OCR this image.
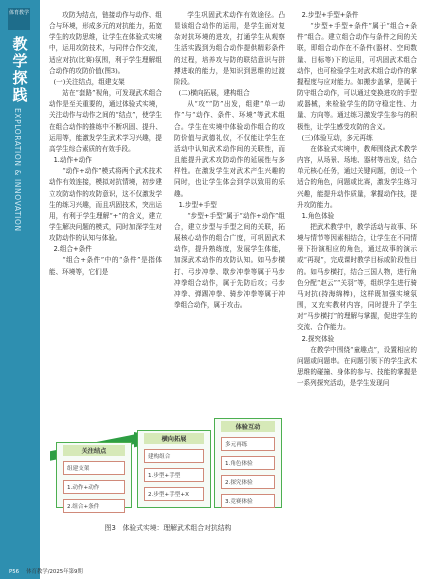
体育教学
教学探践
EXPLORATION & INNOVATION

攻防为结点，链接动作与动作、组合与环境，形成多元的对抗能力，拓宽学生的攻防思维，让学生在体验式实境中，运用攻防技术，与同伴合作交流，适应对抗(比赛)氛围，利于学生理解组合动作的攻防价值(图3)。

(一)关注结点，组建支架

站在“套路”视角，可发现武术组合动作是至关重要的，通过体验式实境，关注动作与动作之间的“结点”，使学生在组合动作的推练中不断巩固、提升、运用等，能激发学生武术学习兴趣，提高学生综合素质的有效手段。

1.动作+动作

“动作+动作”模式将两个武术技术动作有效连接，模拟对抗情境，初步建立攻防动作的攻防意识，这不仅激发学生的练习兴趣，而且巩固技术，突出运用，有利于学生理解“+”的含义，建立学生解决问题的模式，同时加深学生对攻防动作的认知与体验。

2.组合+条件

“组合+条件”中的“条件”是指体能、环境等，它们是

学生巩固武术动作有效途径。凸显该组合动作的运用，是学生面对复杂对抗环境的进攻，打通学生从观察生活实践到为组合动作提供精彩条件的过程，培养攻与防的联结意识与拼搏进取的能力，是知识到思维的过渡阶段。

(二)横向拓展，建构组合

从“攻”“防”出发，组建“单一动作”与“动作、条件、环境”等武术组合。学生在实境中体验动作组合的攻防价值与武德礼仪，不仅能让学生在活动中认知武术动作间的关联性，而且能提升武术攻防动作的延展性与多样性。在激发学生对武术产生兴趣的同时，也让学生体会到学以致用的乐趣。

1.步型+手型

“步型+手型”属于“动作+动作”组合，建立步型与手型之间的关联，拓展核心动作的组合广度，可巩固武术动作，提升熟练度，发展学生体能，加深武术动作的攻防认知。如马步横打、弓步冲拳、歇步冲拳等属于马步冲拳组合动作，属于先防后攻；弓步冲拳、弹踢冲拳、骑步冲拳等属于冲拳组合动作，属于攻击。

2.步型+手型+条件

“步型+手型+条件”属于“组合+条件”组合。建立组合动作与条件之间的关联，即组合动作在不条件(器材、空间数量、目标等)下的运用，可巩固武术组合动作，也可检验学生对武术组合动作的掌握程度与应对能力。如搬步盖掌，是属于防守组合动作，可以通过变换进攻的手型或器械，来检验学生的防守稳定性、力量、方向等。通过练习激发学生参与的积极性，让学生感受攻防的含义。

(三)体验互动，多元再练

在体验式实境中，教师围绕武术教学内容，从场景、场地、器材等出发，结合单元核心任务，通过关键问题，创设一个适合的角色，问题或比赛，激发学生练习兴趣，能提升动作质量，掌握动作技，提升攻防能力。

1.角色体验

把武术教学中，教学活动与故事、环境与情节等因素相结合，让学生在不同情景下扮演相应的角色，通过故事的演示或“再现”，完成课时教学目标或阶段性目的。如马步横打，结合三国人物，进行角色分配“赵云”“关羽”等，组织学生进行骑马对抗(持海绵棒)，这样既加强实境氛围，又充实教材内容，同时提升了学生对“马步横打”的理解与掌握，促进学生的交流、合作能力。

2.探究体验

在教学中围绕“童趣点”，设置相应的问题或问题串。在问题引领下的学生武术思维的碰撞、身体的参与、技能的掌握是一系列探究活动，是学生发现问

关注结点
组建支架
1.动作+动作
2.组合+条件
横向拓展
建构组合
1.步型+手型
2.步型+手型+X
体验互动
多元再练
1.角色体验
2.探究体验
3.竞赛体验
图3　体验式实境：理解武术组合对抗结构
P56 体育教学/2025年第9期
